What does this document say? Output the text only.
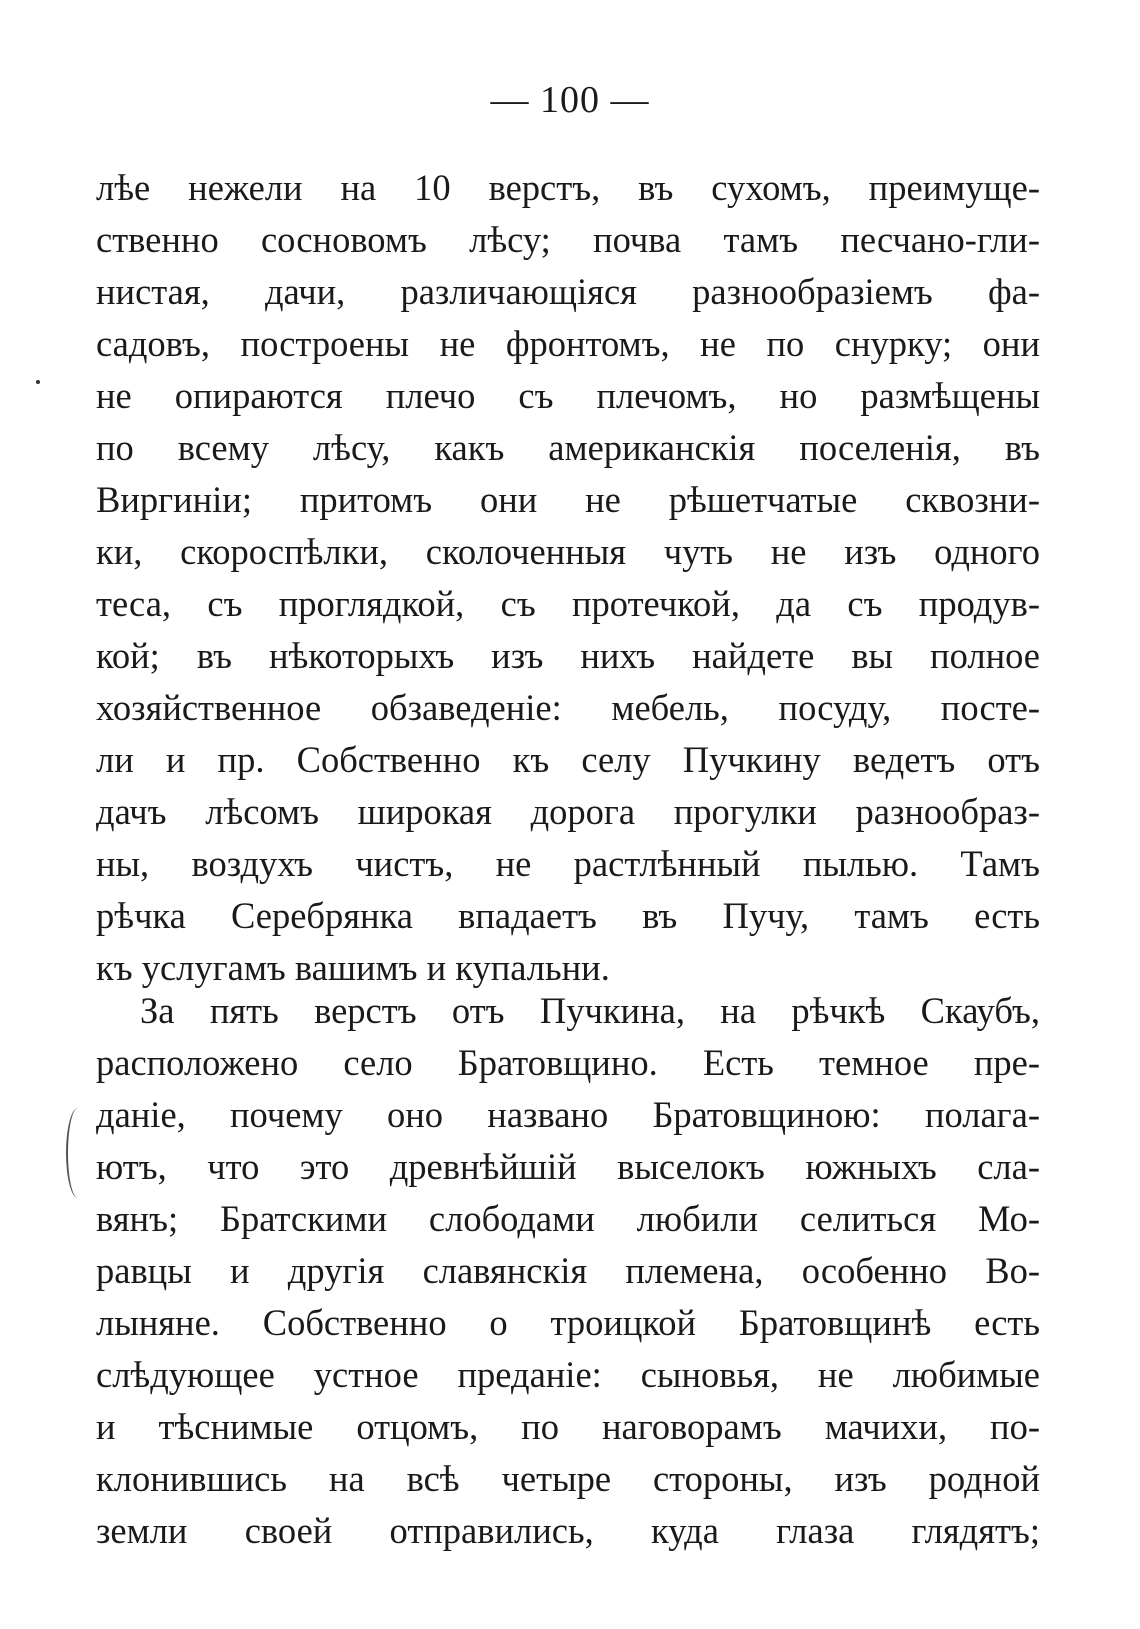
— 100 —
лѣе нежели на 10 верстъ, въ сухомъ, преимуще-
ственно сосновомъ лѣсу; почва тамъ песчано-гли-
нистая, дачи, различающіяся разнообразіемъ фа-
садовъ, построены не фронтомъ, не по снурку; они
не опираются плечо съ плечомъ, но размѣщены
по всему лѣсу, какъ американскія поселенія, въ
Виргиніи; притомъ они не рѣшетчатые сквозни-
ки, скороспѣлки, сколоченныя чуть не изъ одного
теса, съ проглядкой, съ протечкой, да съ продув-
кой; въ нѣкоторыхъ изъ нихъ найдете вы полное
хозяйственное обзаведеніе: мебель, посуду, посте-
ли и пр. Собственно къ селу Пучкину ведетъ отъ
дачъ лѣсомъ широкая дорога прогулки разнообраз-
ны, воздухъ чистъ, не растлѣнный пылью. Тамъ
рѣчка Серебрянка впадаетъ въ Пучу, тамъ есть
къ услугамъ вашимъ и купальни.
За пять верстъ отъ Пучкина, на рѣчкѣ Скаубъ,
расположено село Братовщино. Есть темное пре-
даніе, почему оно названо Братовщиною: полага-
ютъ, что это древнѣйшій выселокъ южныхъ сла-
вянъ; Братскими слободами любили селиться Мо-
равцы и другія славянскія племена, особенно Во-
лыняне. Собственно о троицкой Братовщинѣ есть
слѣдующее устное преданіе: сыновья, не любимые
и тѣснимые отцомъ, по наговорамъ мачихи, по-
клонившись на всѣ четыре стороны, изъ родной
земли своей отправились, куда глаза глядятъ;
